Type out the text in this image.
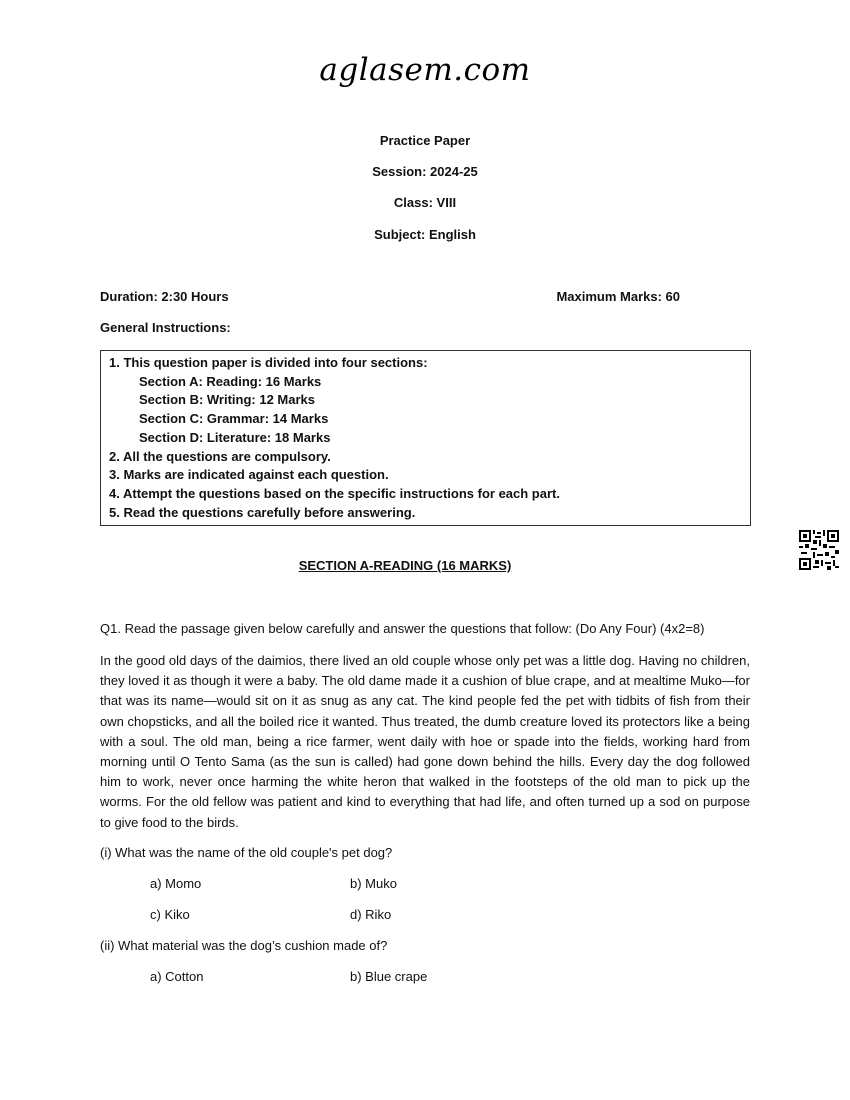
aglasem.com
Practice Paper
Session: 2024-25
Class: VIII
Subject: English
Duration: 2:30 Hours	Maximum Marks: 60
General Instructions:
1. This question paper is divided into four sections:
Section A: Reading: 16 Marks
Section B: Writing: 12 Marks
Section C: Grammar: 14 Marks
Section D: Literature: 18 Marks
2. All the questions are compulsory.
3. Marks are indicated against each question.
4. Attempt the questions based on the specific instructions for each part.
5. Read the questions carefully before answering.
SECTION A-READING (16 MARKS)
Q1. Read the passage given below carefully and answer the questions that follow: (Do Any Four) (4x2=8)
In the good old days of the daimios, there lived an old couple whose only pet was a little dog. Having no children, they loved it as though it were a baby. The old dame made it a cushion of blue crape, and at mealtime Muko—for that was its name—would sit on it as snug as any cat. The kind people fed the pet with tidbits of fish from their own chopsticks, and all the boiled rice it wanted. Thus treated, the dumb creature loved its protectors like a being with a soul. The old man, being a rice farmer, went daily with hoe or spade into the fields, working hard from morning until O Tento Sama (as the sun is called) had gone down behind the hills. Every day the dog followed him to work, never once harming the white heron that walked in the footsteps of the old man to pick up the worms. For the old fellow was patient and kind to everything that had life, and often turned up a sod on purpose to give food to the birds.
(i) What was the name of the old couple's pet dog?
a) Momo	b) Muko
c) Kiko	d) Riko
(ii) What material was the dog’s cushion made of?
a) Cotton	b) Blue crape
